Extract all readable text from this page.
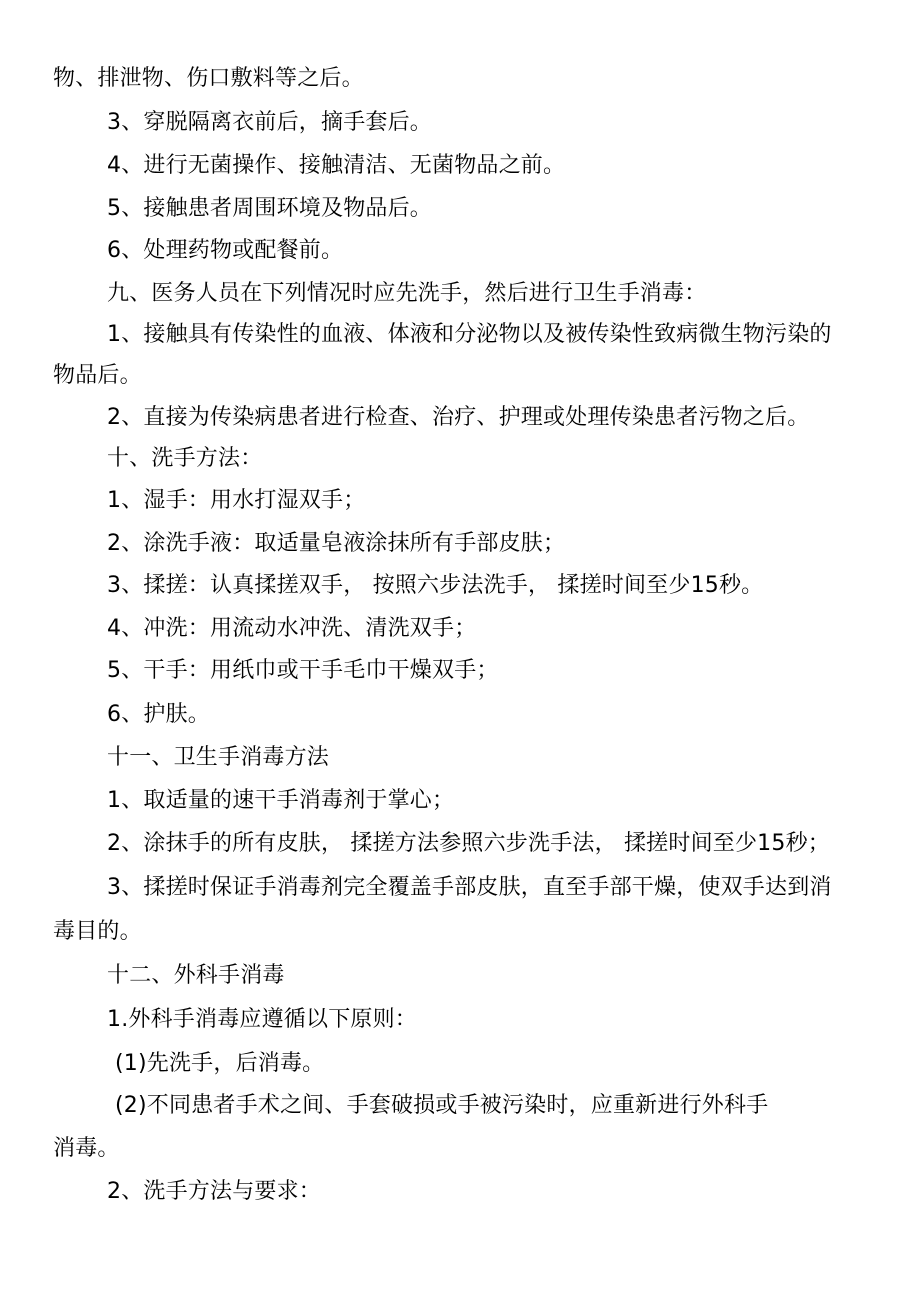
物、排泄物、伤口敷料等之后。
3、穿脱隔离衣前后，摘手套后。
4、进行无菌操作、接触清洁、无菌物品之前。
5、接触患者周围环境及物品后。
6、处理药物或配餐前。
九、医务人员在下列情况时应先洗手，然后进行卫生手消毒：
1、接触具有传染性的血液、体液和分泌物以及被传染性致病微生物污染的
物品后。
2、直接为传染病患者进行检查、治疗、护理或处理传染患者污物之后。
十、洗手方法：
1、湿手：用水打湿双手；
2、涂洗手液：取适量皂液涂抹所有手部皮肤；
3、揉搓：认真揉搓双手， 按照六步法洗手， 揉搓时间至少15秒。
4、冲洗：用流动水冲洗、清洗双手；
5、干手：用纸巾或干手毛巾干燥双手；
6、护肤。
十一、卫生手消毒方法
1、取适量的速干手消毒剂于掌心；
2、涂抹手的所有皮肤， 揉搓方法参照六步洗手法， 揉搓时间至少15秒；
3、揉搓时保证手消毒剂完全覆盖手部皮肤，直至手部干燥，使双手达到消
毒目的。
十二、外科手消毒
1.外科手消毒应遵循以下原则：
(1)先洗手，后消毒。
(2)不同患者手术之间、手套破损或手被污染时，应重新进行外科手
消毒。
2、洗手方法与要求：
